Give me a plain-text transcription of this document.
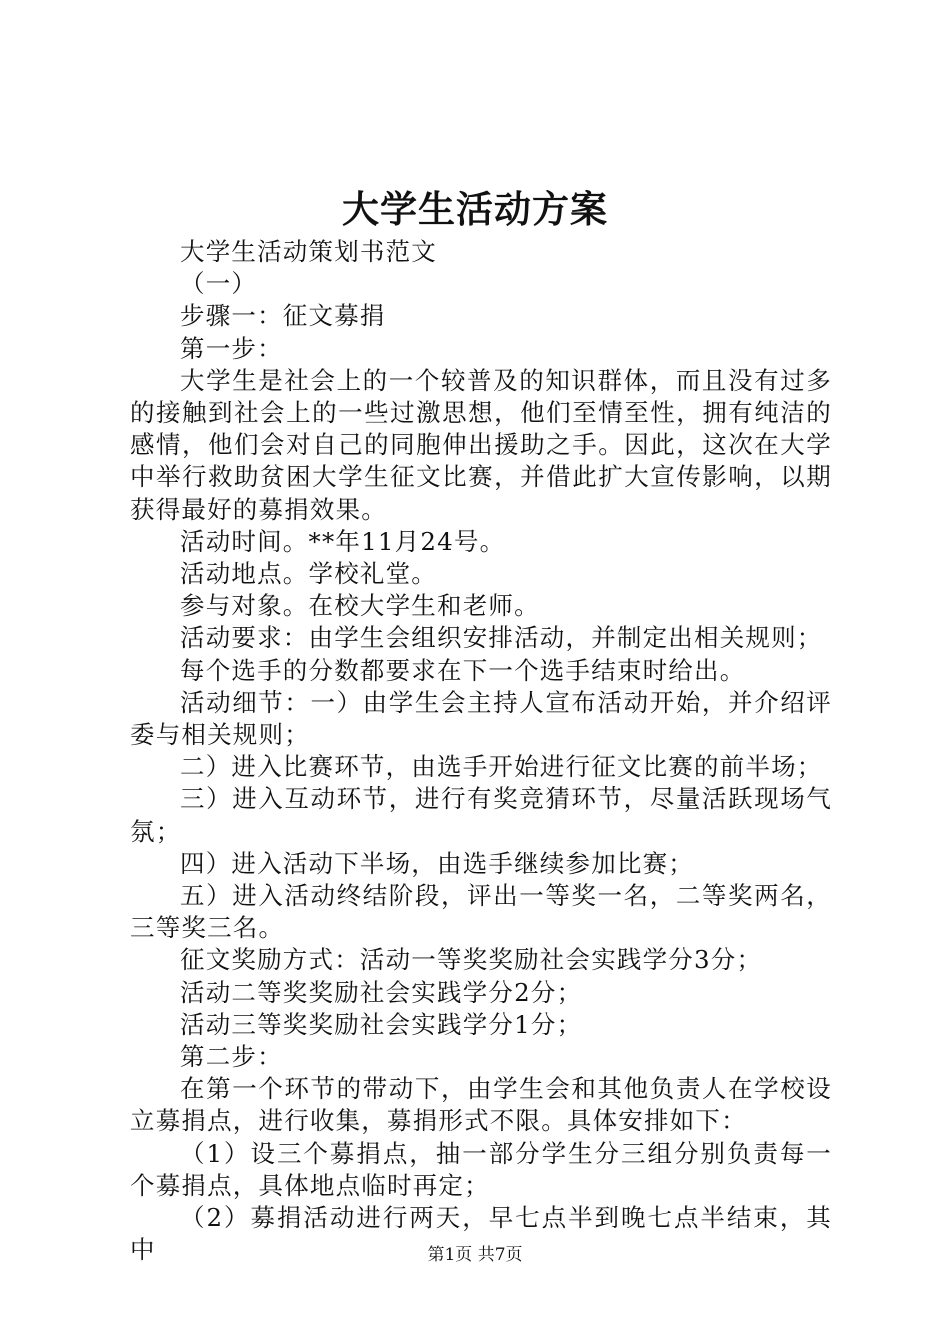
大学生活动方案

大学生活动策划书范文

（一）

步骤一：征文募捐

第一步：

大学生是社会上的一个较普及的知识群体，而且没有过多的接触到社会上的一些过激思想，他们至情至性，拥有纯洁的感情，他们会对自己的同胞伸出援助之手。因此，这次在大学中举行救助贫困大学生征文比赛，并借此扩大宣传影响，以期获得最好的募捐效果。

活动时间。**年11月24号。

活动地点。学校礼堂。

参与对象。在校大学生和老师。

活动要求：由学生会组织安排活动，并制定出相关规则；

每个选手的分数都要求在下一个选手结束时给出。

活动细节：一）由学生会主持人宣布活动开始，并介绍评委与相关规则；

二）进入比赛环节，由选手开始进行征文比赛的前半场；

三）进入互动环节，进行有奖竞猜环节，尽量活跃现场气氛；

四）进入活动下半场，由选手继续参加比赛；

五）进入活动终结阶段，评出一等奖一名，二等奖两名，三等奖三名。

征文奖励方式：活动一等奖奖励社会实践学分3分；

活动二等奖奖励社会实践学分2分；

活动三等奖奖励社会实践学分1分；

第二步：

在第一个环节的带动下，由学生会和其他负责人在学校设立募捐点，进行收集，募捐形式不限。具体安排如下：

（1）设三个募捐点，抽一部分学生分三组分别负责每一个募捐点，具体地点临时再定；

（2）募捐活动进行两天，早七点半到晚七点半结束，其中	第1页 共7页
